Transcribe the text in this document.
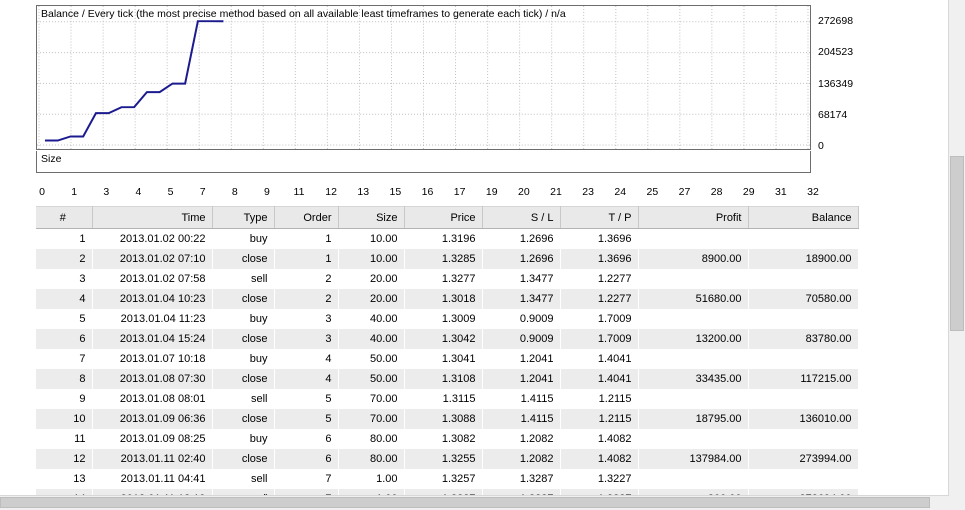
Balance / Every tick (the most precise method based on all available least timeframes to generate each tick) / n/a
Size
272698
204523
136349
68174
0
0	1	3	4	5	7	8	9 11 12 13 15 16 17 19 20 21 23 24 25 27 28 29 31 32
#	Time	Type	Order	Size	Price	S / L	T / P	Profit	Balance
1	2013.01.02 00:22	buy	1	10.00	1.3196	1.2696	1.3696		
2	2013.01.02 07:10	close	1	10.00	1.3285	1.2696	1.3696	8900.00	18900.00
3	2013.01.02 07:58	sell	2	20.00	1.3277	1.3477	1.2277		
4	2013.01.04 10:23	close	2	20.00	1.3018	1.3477	1.2277	51680.00	70580.00
5	2013.01.04 11:23	buy	3	40.00	1.3009	0.9009	1.7009		
6	2013.01.04 15:24	close	3	40.00	1.3042	0.9009	1.7009	13200.00	83780.00
7	2013.01.07 10:18	buy	4	50.00	1.3041	1.2041	1.4041		
8	2013.01.08 07:30	close	4	50.00	1.3108	1.2041	1.4041	33435.00	117215.00
9	2013.01.08 08:01	sell	5	70.00	1.3115	1.4115	1.2115		
10	2013.01.09 06:36	close	5	70.00	1.3088	1.4115	1.2115	18795.00	136010.00
11	2013.01.09 08:25	buy	6	80.00	1.3082	1.2082	1.4082		
12	2013.01.11 02:40	close	6	80.00	1.3255	1.2082	1.4082	137984.00	273994.00
13	2013.01.11 04:41	sell	7	1.00	1.3257	1.3287	1.3227		
